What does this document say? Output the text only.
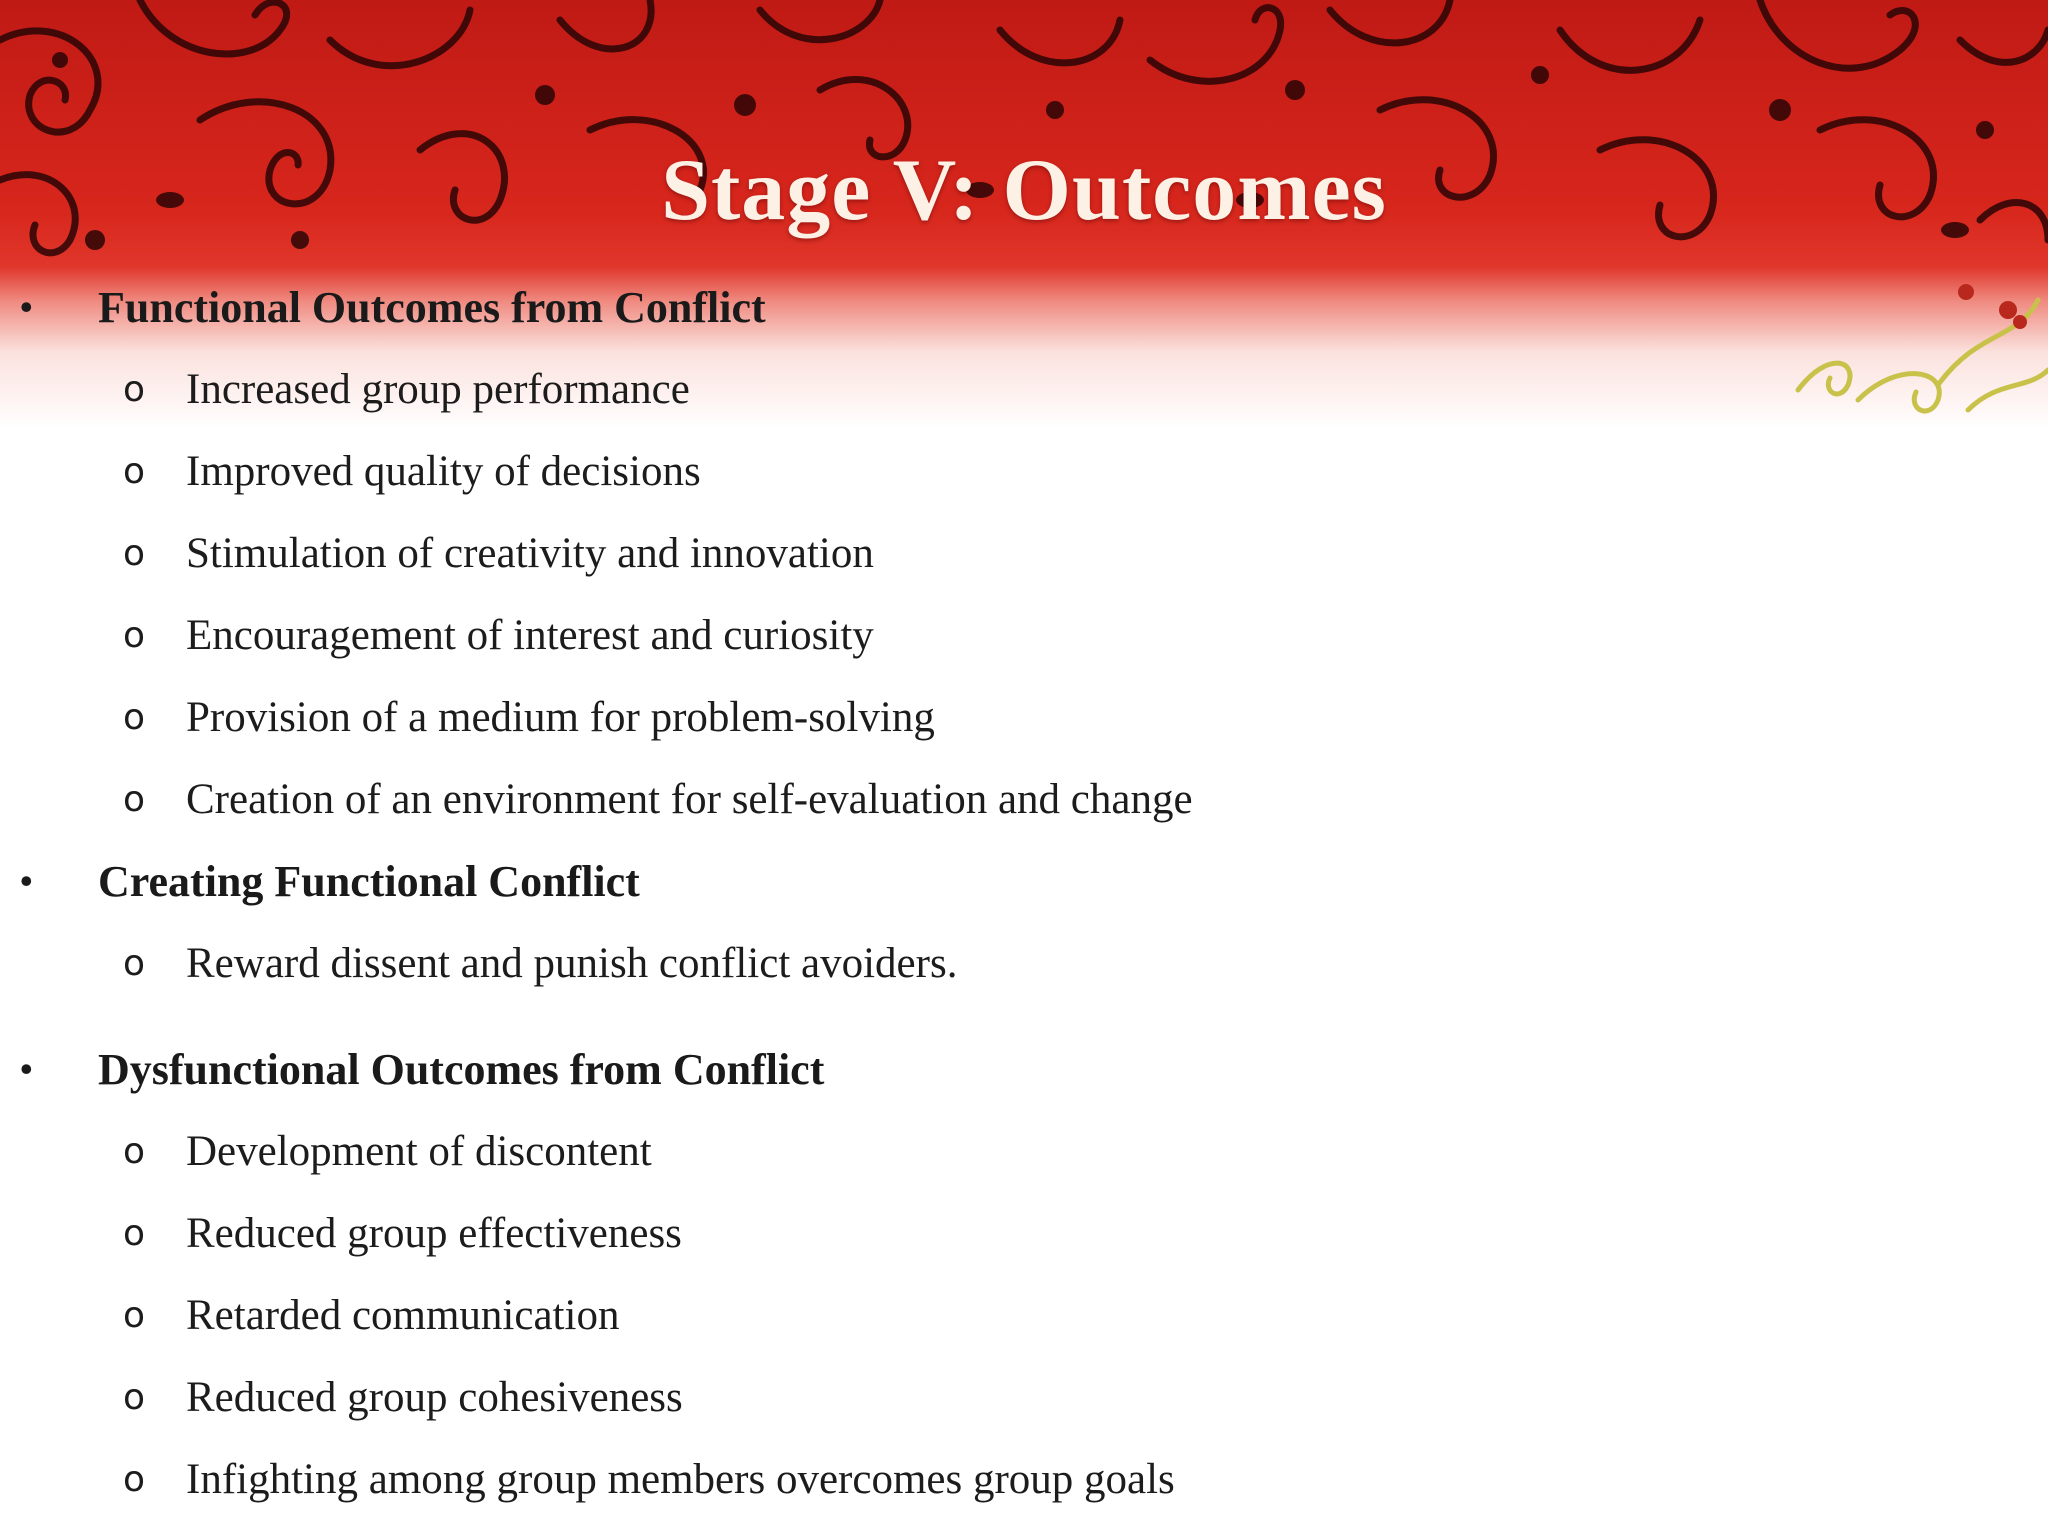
Stage V: Outcomes
•	Functional Outcomes from Conflict
o Increased group performance
o Improved quality of decisions
o Stimulation of creativity and innovation
o Encouragement of interest and curiosity
o Provision of a medium for problem-solving
o Creation of an environment for self-evaluation and change
•	Creating Functional Conflict
o Reward dissent and punish conflict avoiders.
•	Dysfunctional Outcomes from Conflict
o Development of discontent
o Reduced group effectiveness
o Retarded communication
o Reduced group cohesiveness
o Infighting among group members overcomes group goals
